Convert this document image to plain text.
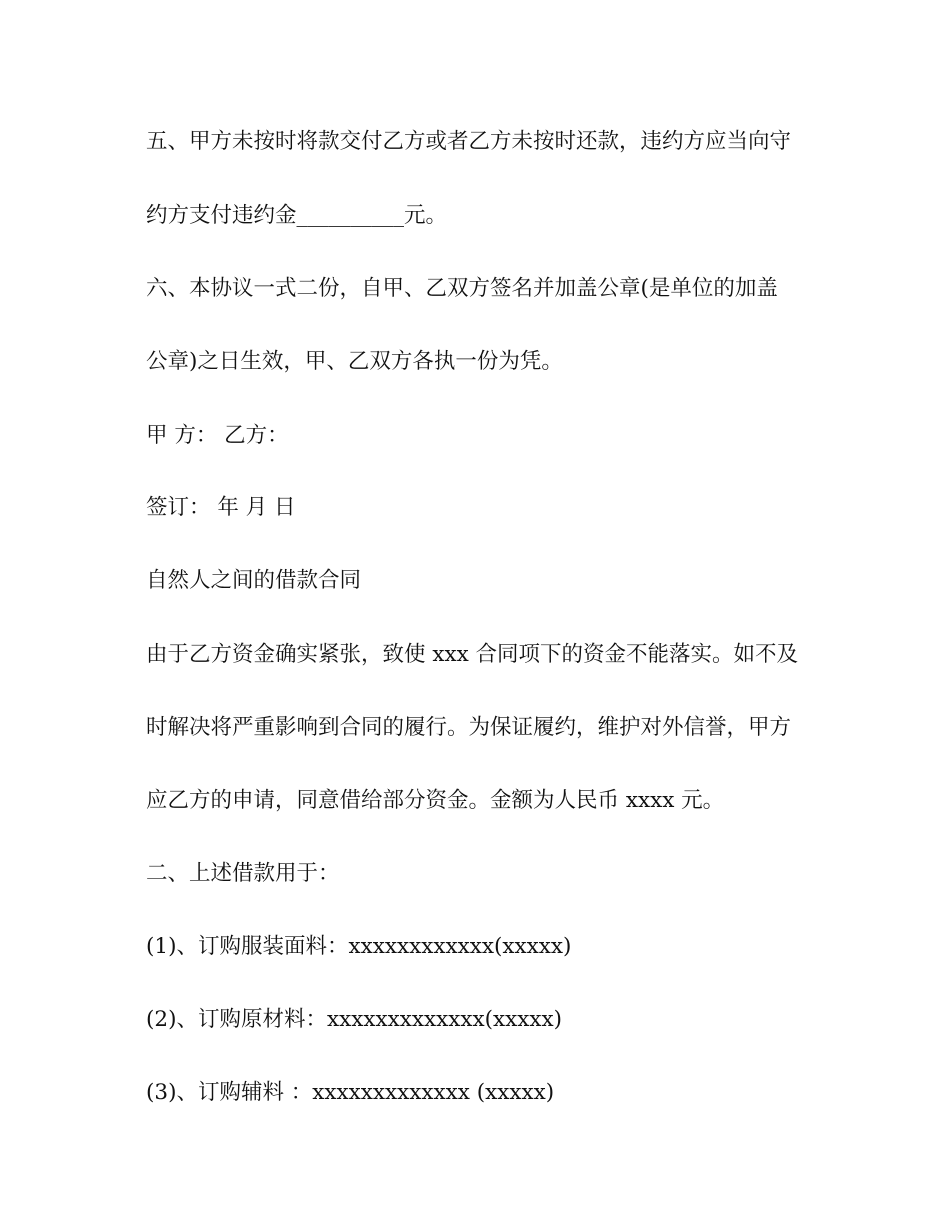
五、甲方未按时将款交付乙方或者乙方未按时还款，违约方应当向守
约方支付违约金__________元。
六、本协议一式二份，自甲、乙双方签名并加盖公章(是单位的加盖
公章)之日生效，甲、乙双方各执一份为凭。
甲 方： 乙方：
签订： 年 月 日
自然人之间的借款合同
由于乙方资金确实紧张，致使 xxx 合同项下的资金不能落实。如不及
时解决将严重影响到合同的履行。为保证履约，维护对外信誉，甲方
应乙方的申请，同意借给部分资金。金额为人民币 xxxx 元。
二、上述借款用于：
(1)、订购服装面料：xxxxxxxxxxxx(xxxxx)
(2)、订购原材料：xxxxxxxxxxxxx(xxxxx)
(3)、订购辅料 ：xxxxxxxxxxxxx (xxxxx)
